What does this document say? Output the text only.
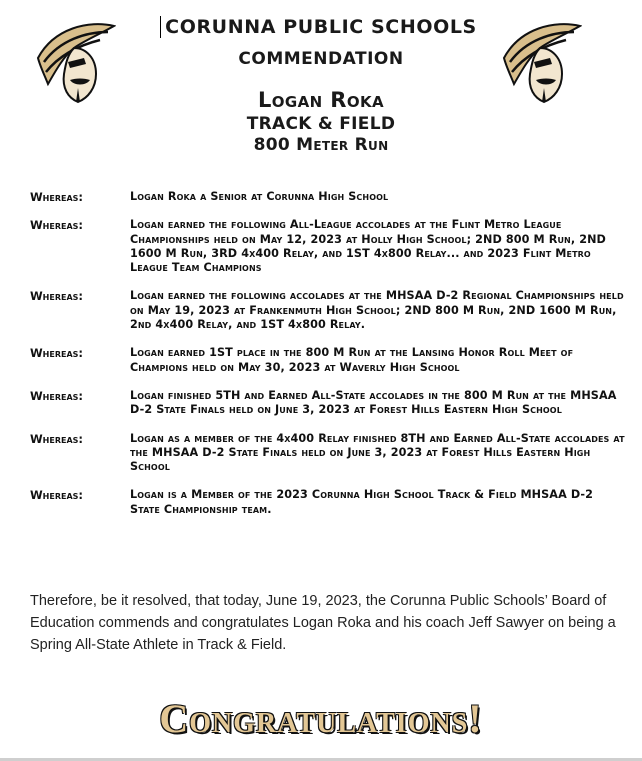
CORUNNA PUBLIC SCHOOLS
COMMENDATION
Logan Roka
TRACK & FIELD
800 Meter Run
Whereas:	Logan Roka a Senior at Corunna High School
Whereas:	Logan earned the following All-League accolades at the Flint Metro League Championships held on May 12, 2023 at Holly High School; 2ND 800 M Run, 2ND 1600 M Run, 3RD 4x400 Relay, and 1ST 4x800 Relay... and 2023 Flint Metro League Team Champions
Whereas:	Logan earned the following accolades at the MHSAA D-2 Regional Championships held on May 19, 2023 at Frankenmuth High School; 2ND 800 M Run, 2ND 1600 M Run, 2nd 4x400 Relay, and 1ST 4x800 Relay.
Whereas:	Logan earned 1ST place in the 800 M Run at the Lansing Honor Roll Meet of Champions held on May 30, 2023 at Waverly High School
Whereas:	Logan finished 5TH and Earned All-State accolades in the 800 M Run at the MHSAA D-2 State Finals held on June 3, 2023 at Forest Hills Eastern High School
Whereas:	Logan as a member of the 4x400 Relay finished 8TH and Earned All-State accolades at the MHSAA D-2 State Finals held on June 3, 2023 at Forest Hills Eastern High School
Whereas:	Logan is a Member of the 2023 Corunna High School Track & Field MHSAA D-2 State Championship team.
Therefore, be it resolved, that today, June 19, 2023, the Corunna Public Schools’ Board of Education commends and congratulates Logan Roka and his coach Jeff Sawyer on being a Spring All-State Athlete in Track & Field.
Congratulations!
